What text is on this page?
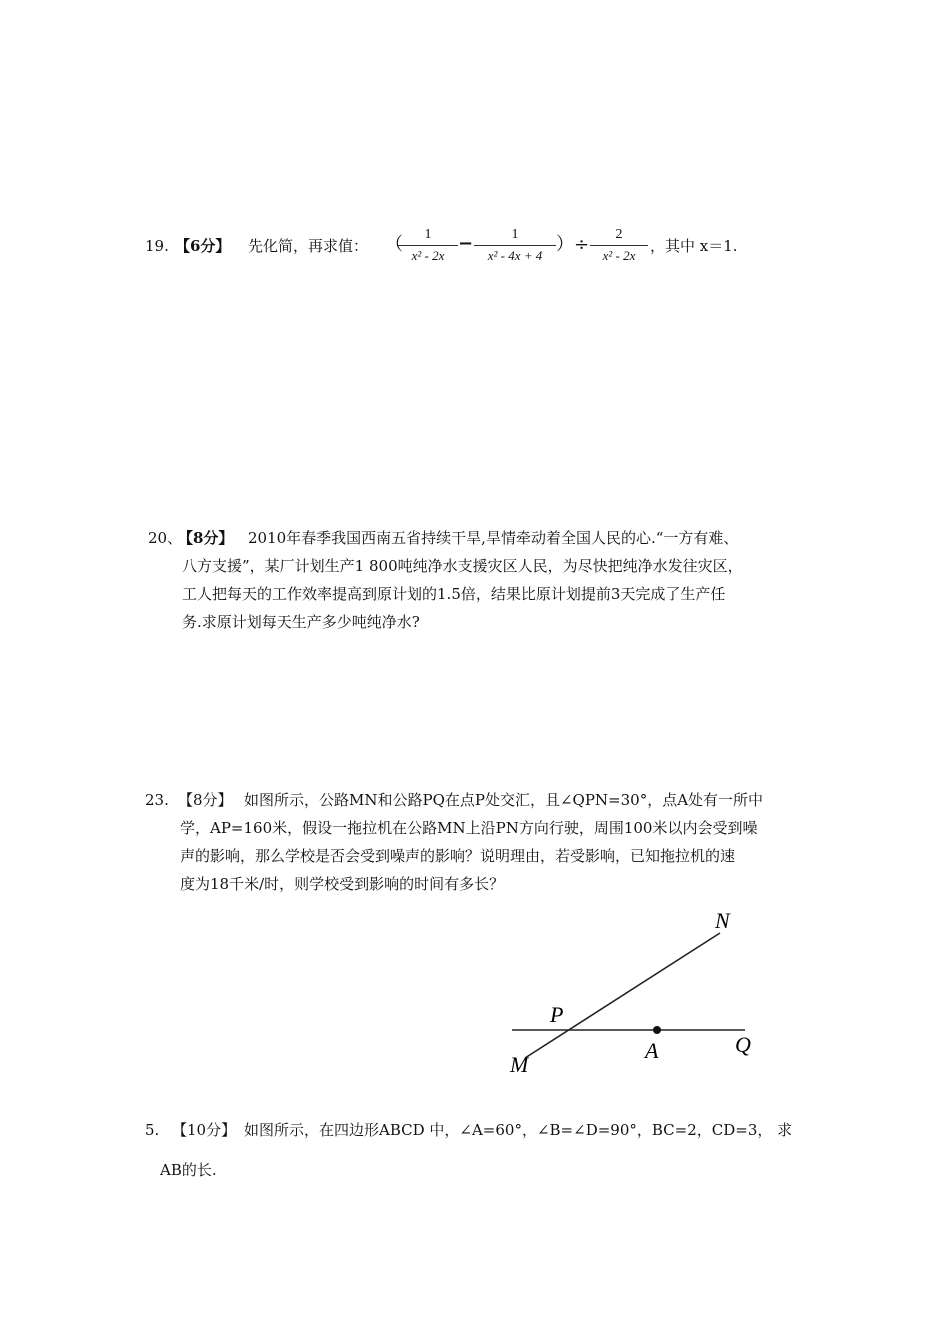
19. 【6分】 先化简，再求值： （	1
x² - 2x
−	1
x² - 4x + 4
）÷	2
x² - 2x
，其中 x＝1.
20、
【8分】 2010年春季我国西南五省持续干旱,旱情牵动着全国人民的心.“一方有难、
八方支援”，某厂计划生产1 800吨纯净水支援灾区人民，为尽快把纯净水发往灾区，
工人把每天的工作效率提高到原计划的1.5倍，结果比原计划提前3天完成了生产任
务.求原计划每天生产多少吨纯净水?
23. 【8分】 如图所示，公路MN和公路PQ在点P处交汇，且∠QPN=30°，点A处有一所中
学，AP=160米，假设一拖拉机在公路MN上沿PN方向行驶，周围100米以内会受到噪
声的影响，那么学校是否会受到噪声的影响？说明理由，若受影响，已知拖拉机的速
度为18千米/时，则学校受到影响的时间有多长？
N
P
A	Q
M
5. 【10分】 如图所示，在四边形ABCD 中，∠A=60°，∠B=∠D=90°，BC=2，CD=3， 求
AB的长.
